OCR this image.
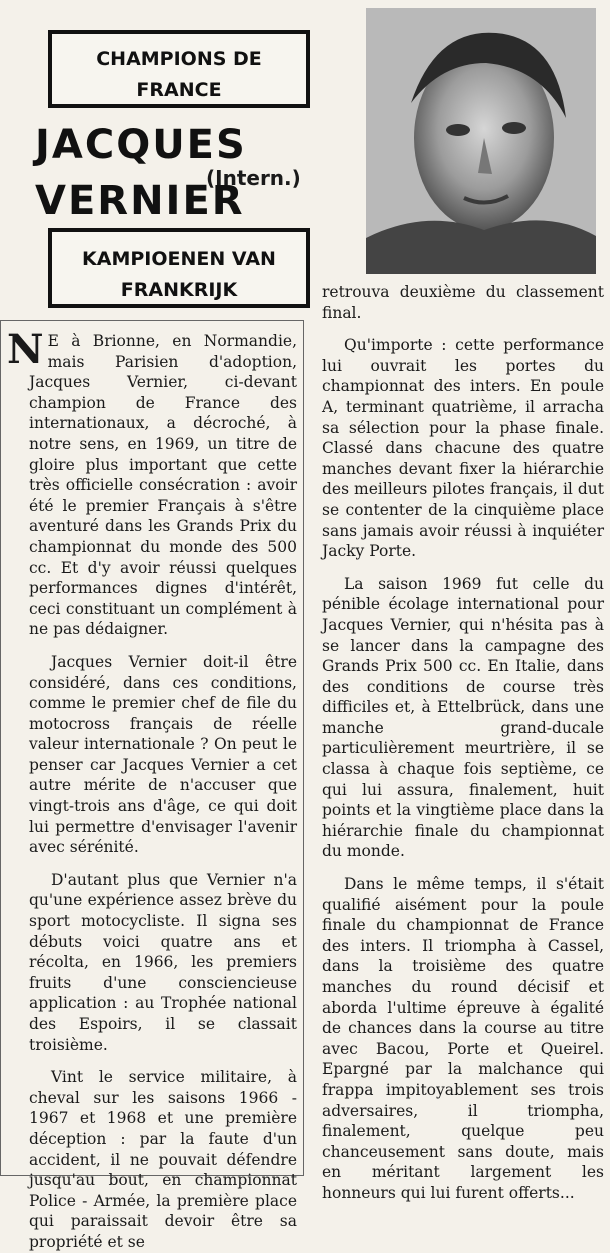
CHAMPIONS DE
FRANCE
JACQUES
VERNIER
(Intern.)
KAMPIOENEN VAN
FRANKRIJK

N E à Brionne, en Normandie, mais Parisien d'adoption, Jacques Vernier, ci-devant champion de France des internationaux, a décroché, à notre sens, en 1969, un titre de gloire plus important que cette très officielle consécration : avoir été le premier Français à s'être aventuré dans les Grands Prix du championnat du monde des 500 cc. Et d'y avoir réussi quelques performances dignes d'intérêt, ceci constituant un complément à ne pas dédaigner.

Jacques Vernier doit-il être considéré, dans ces conditions, comme le premier chef de file du motocross français de réelle valeur internationale ? On peut le penser car Jacques Vernier a cet autre mérite de n'accuser que vingt-trois ans d'âge, ce qui doit lui permettre d'envisager l'avenir avec sérénité.

D'autant plus que Vernier n'a qu'une expérience assez brève du sport motocycliste. Il signa ses débuts voici quatre ans et récolta, en 1966, les premiers fruits d'une consciencieuse application : au Trophée national des Espoirs, il se classait troisième.

Vint le service militaire, à cheval sur les saisons 1966 - 1967 et 1968 et une première déception : par la faute d'un accident, il ne pouvait défendre jusqu'au bout, en championnat Police - Armée, la première place qui paraissait devoir être sa propriété et se

retrouva deuxième du classement final.

Qu'importe : cette performance lui ouvrait les portes du championnat des inters. En poule A, terminant quatrième, il arracha sa sélection pour la phase finale. Classé dans chacune des quatre manches devant fixer la hiérarchie des meilleurs pilotes français, il dut se contenter de la cinquième place sans jamais avoir réussi à inquiéter Jacky Porte.

La saison 1969 fut celle du pénible écolage international pour Jacques Vernier, qui n'hésita pas à se lancer dans la campagne des Grands Prix 500 cc. En Italie, dans des conditions de course très difficiles et, à Ettelbrück, dans une manche grand-ducale particulièrement meurtrière, il se classa à chaque fois septième, ce qui lui assura, finalement, huit points et la vingtième place dans la hiérarchie finale du championnat du monde.

Dans le même temps, il s'était qualifié aisément pour la poule finale du championnat de France des inters. Il triompha à Cassel, dans la troisième des quatre manches du round décisif et aborda l'ultime épreuve à égalité de chances dans la course au titre avec Bacou, Porte et Queirel. Epargné par la malchance qui frappa impitoyablement ses trois adversaires, il triompha, finalement, quelque peu chanceusement sans doute, mais en méritant largement les honneurs qui lui furent offerts...
